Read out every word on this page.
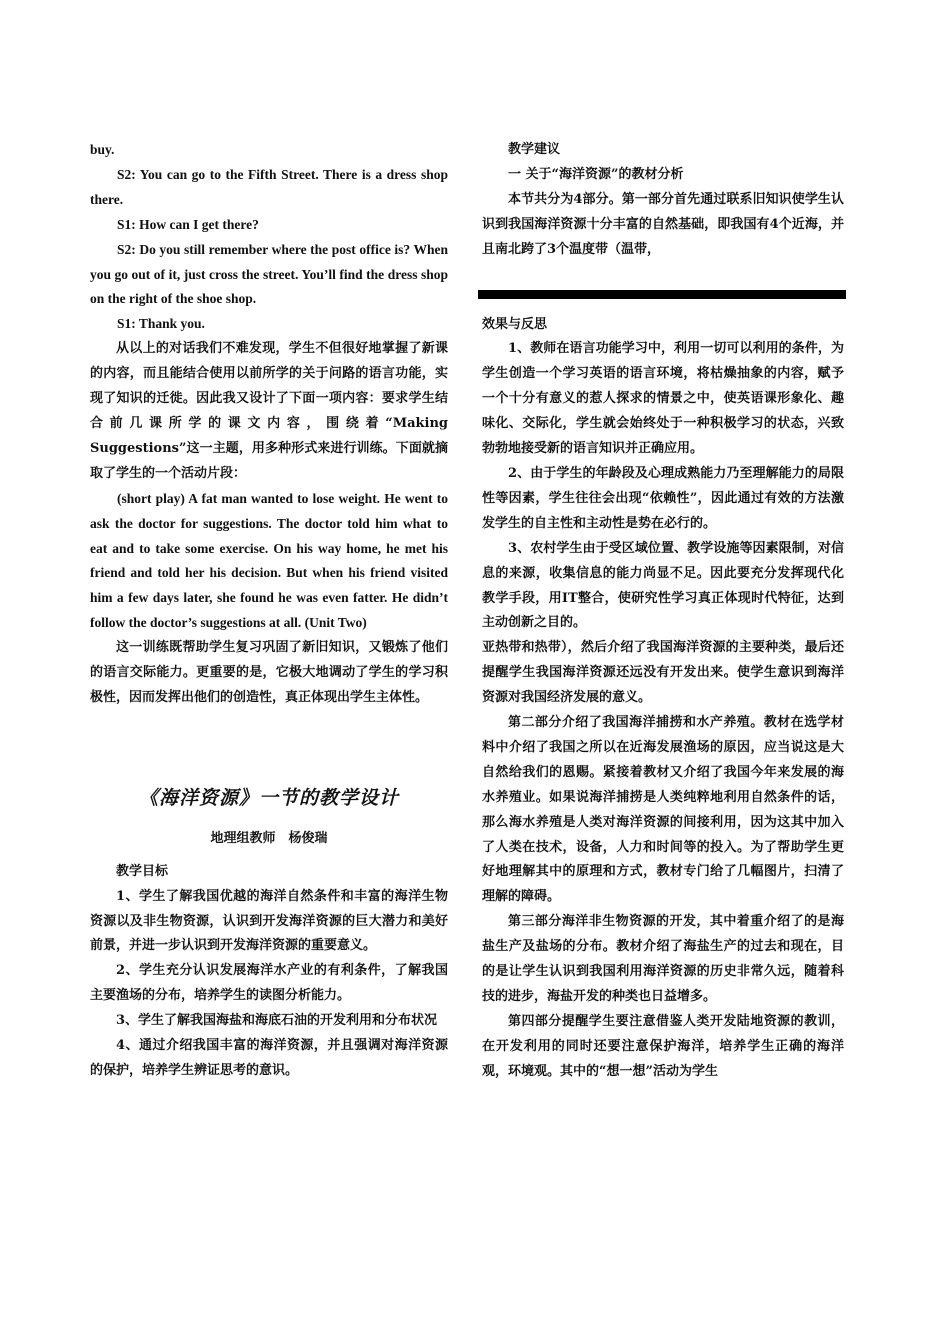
buy.

S2: You can go to the Fifth Street. There is a dress shop there.

S1: How can I get there?

S2: Do you still remember where the post office is? When you go out of it, just cross the street. You’ll find the dress shop on the right of the shoe shop.

S1: Thank you.

从以上的对话我们不难发现，学生不但很好地掌握了新课的内容，而且能结合使用以前所学的关于问路的语言功能，实现了知识的迁徙。因此我又设计了下面一项内容：要求学生结合前几课所学的课文内容，围绕着“Making Suggestions”这一主题，用多种形式来进行训练。下面就摘取了学生的一个活动片段：

(short play) A fat man wanted to lose weight. He went to ask the doctor for suggestions. The doctor told him what to eat and to take some exercise. On his way home, he met his friend and told her his decision. But when his friend visited him a few days later, she found he was even fatter. He didn’t follow the doctor’s suggestions at all. (Unit Two)

这一训练既帮助学生复习巩固了新旧知识，又锻炼了他们的语言交际能力。更重要的是，它极大地调动了学生的学习积极性，因而发挥出他们的创造性，真正体现出学生主体性。

《海洋资源》一节的教学设计

地理组教师　杨俊瑞

教学目标

1、学生了解我国优越的海洋自然条件和丰富的海洋生物资源以及非生物资源，认识到开发海洋资源的巨大潜力和美好前景，并进一步认识到开发海洋资源的重要意义。

2、学生充分认识发展海洋水产业的有利条件，了解我国主要渔场的分布，培养学生的读图分析能力。

3、学生了解我国海盐和海底石油的开发利用和分布状况

4、通过介绍我国丰富的海洋资源，并且强调对海洋资源的保护，培养学生辨证思考的意识。

教学建议

一 关于“海洋资源”的教材分析

本节共分为4部分。第一部分首先通过联系旧知识使学生认识到我国海洋资源十分丰富的自然基础，即我国有4个近海，并且南北跨了3个温度带（温带，

效果与反思

1、教师在语言功能学习中，利用一切可以利用的条件，为学生创造一个学习英语的语言环境，将枯燥抽象的内容，赋予一个十分有意义的惹人探求的情景之中，使英语课形象化、趣味化、交际化，学生就会始终处于一种积极学习的状态，兴致勃勃地接受新的语言知识并正确应用。

2、由于学生的年龄段及心理成熟能力乃至理解能力的局限性等因素，学生往往会出现“依赖性”，因此通过有效的方法激发学生的自主性和主动性是势在必行的。

3、农村学生由于受区域位置、教学设施等因素限制，对信息的来源，收集信息的能力尚显不足。因此要充分发挥现代化教学手段，用IT整合，使研究性学习真正体现时代特征，达到主动创新之目的。

亚热带和热带），然后介绍了我国海洋资源的主要种类，最后还提醒学生我国海洋资源还远没有开发出来。使学生意识到海洋资源对我国经济发展的意义。

第二部分介绍了我国海洋捕捞和水产养殖。教材在选学材料中介绍了我国之所以在近海发展渔场的原因，应当说这是大自然给我们的恩赐。紧接着教材又介绍了我国今年来发展的海水养殖业。如果说海洋捕捞是人类纯粹地利用自然条件的话，那么海水养殖是人类对海洋资源的间接利用，因为这其中加入了人类在技术，设备，人力和时间等的投入。为了帮助学生更好地理解其中的原理和方式，教材专门给了几幅图片，扫清了理解的障碍。

第三部分海洋非生物资源的开发，其中着重介绍了的是海盐生产及盐场的分布。教材介绍了海盐生产的过去和现在，目的是让学生认识到我国利用海洋资源的历史非常久远，随着科技的进步，海盐开发的种类也日益增多。

第四部分提醒学生要注意借鉴人类开发陆地资源的教训，在开发利用的同时还要注意保护海洋，培养学生正确的海洋观，环境观。其中的“想一想”活动为学生
